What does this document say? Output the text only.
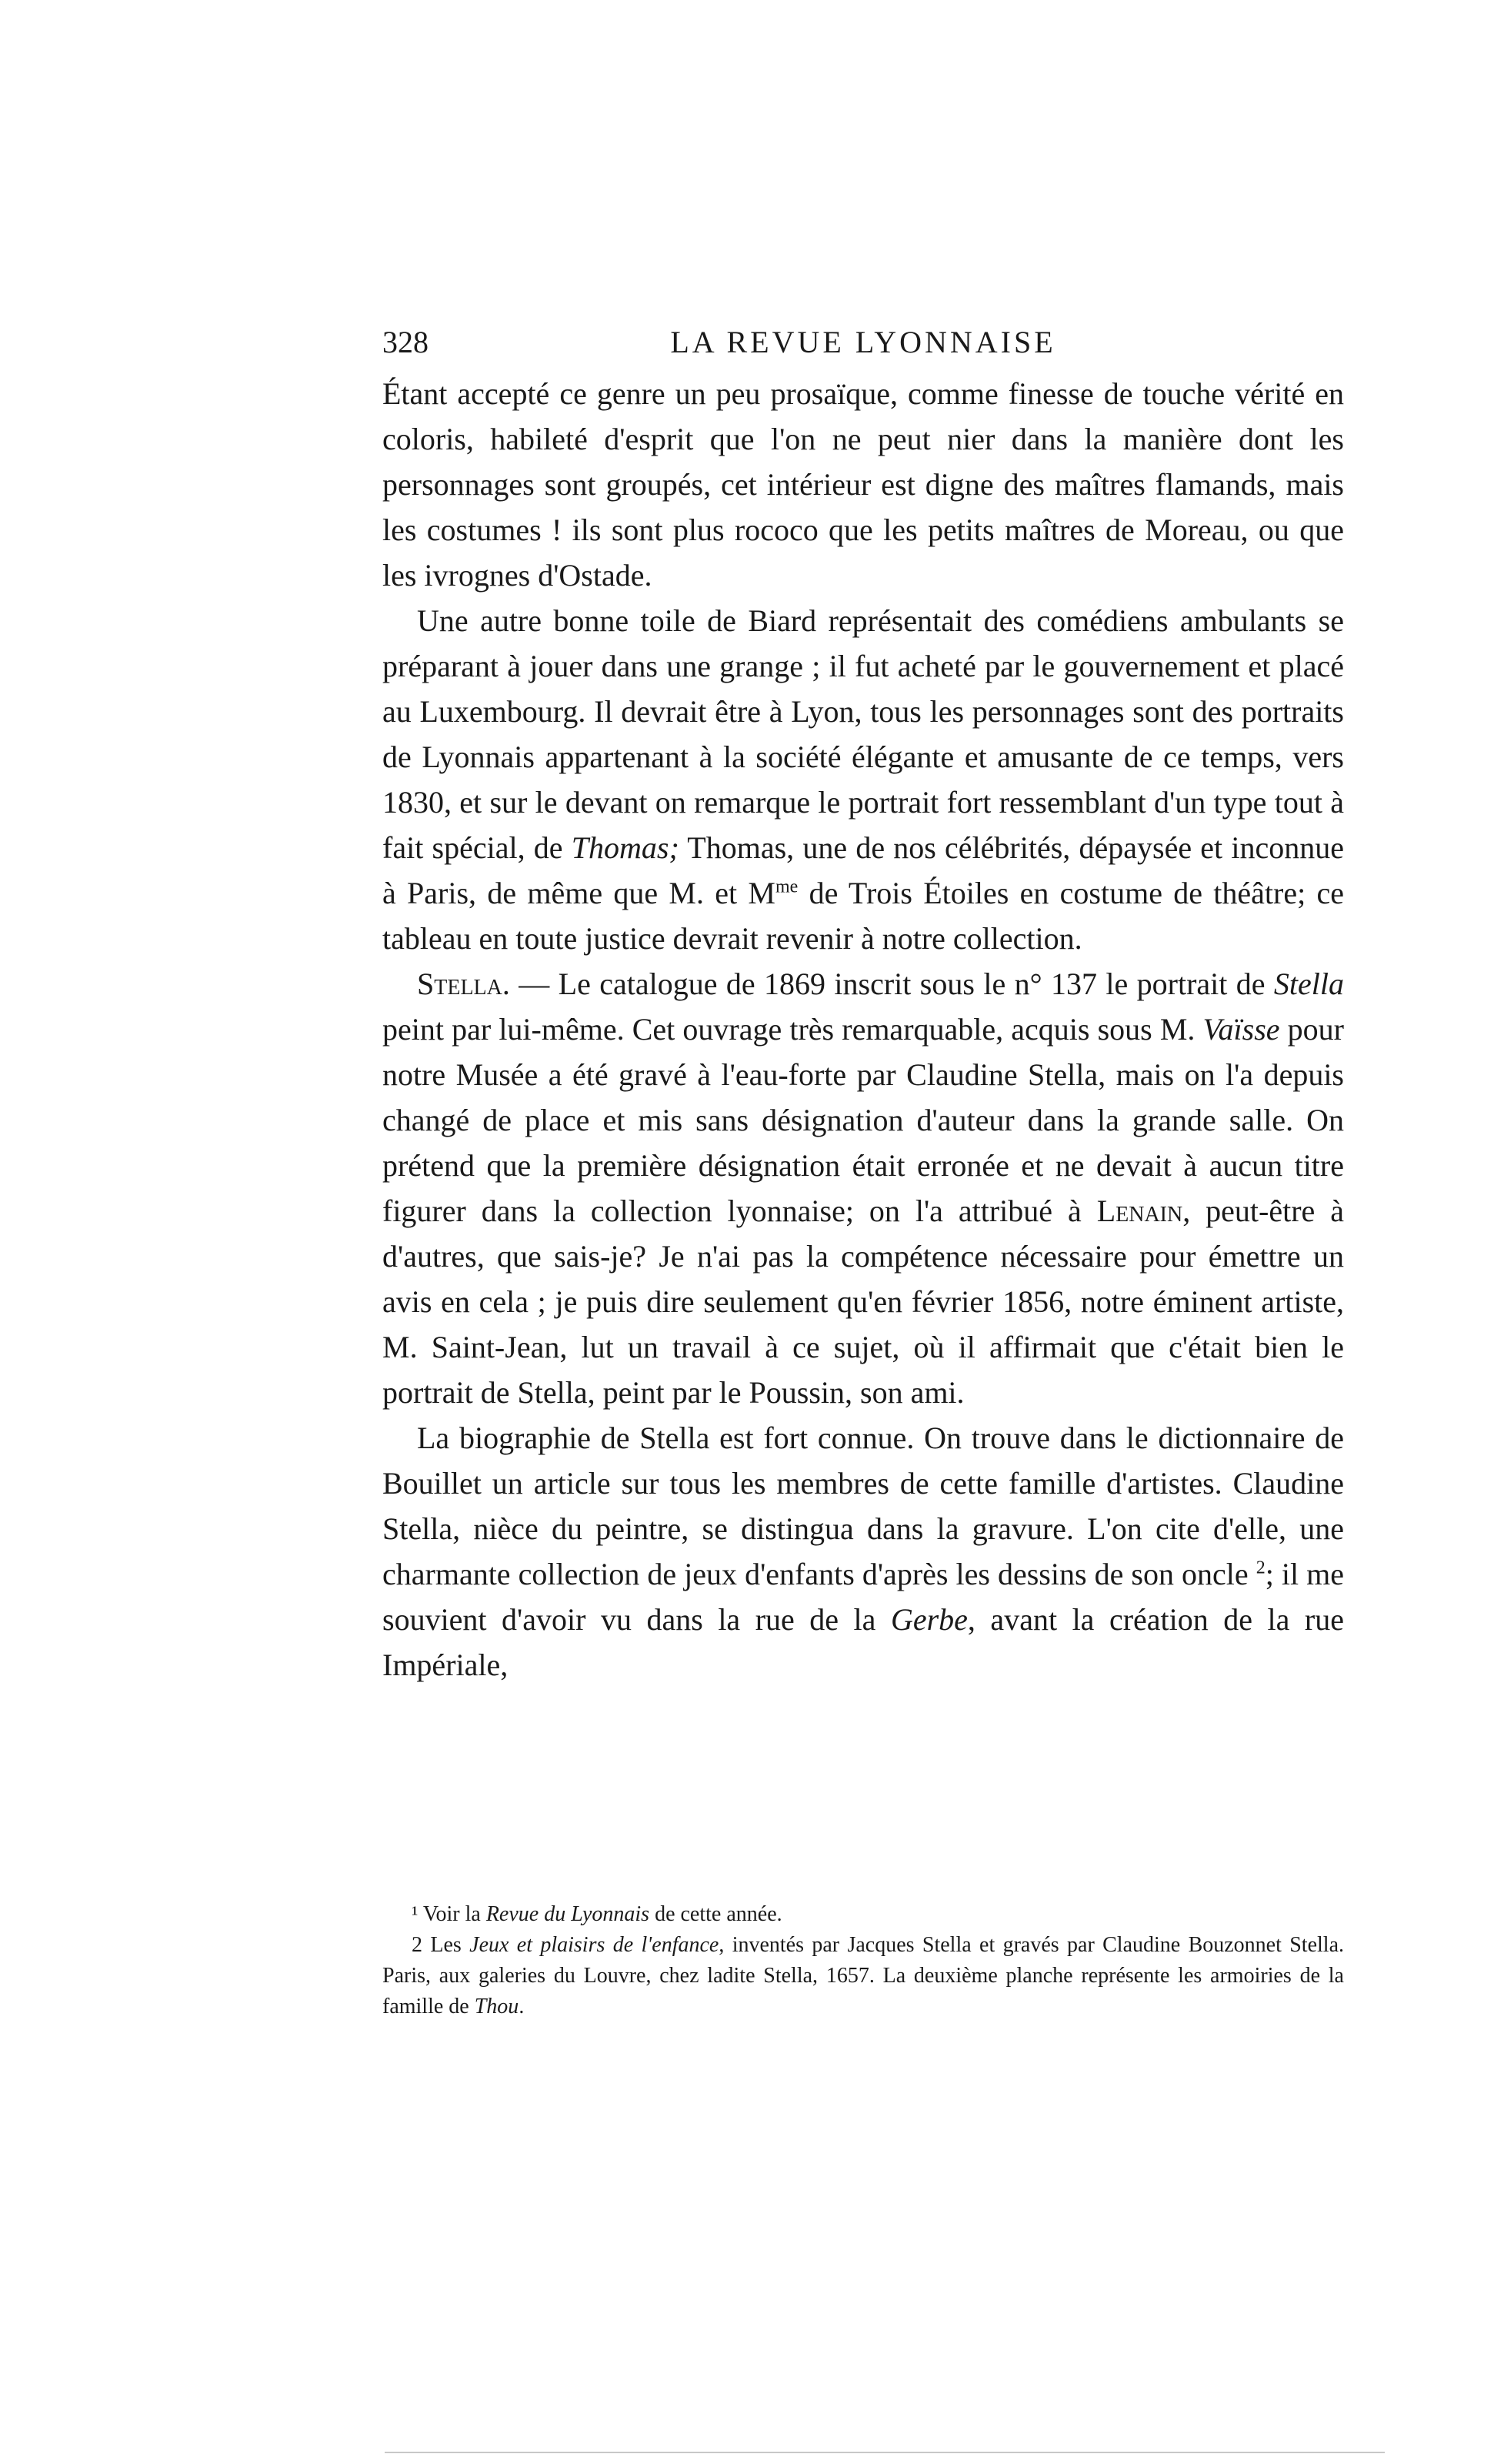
328	LA REVUE LYONNAISE

Étant accepté ce genre un peu prosaïque, comme finesse de touche vérité en coloris, habileté d'esprit que l'on ne peut nier dans la manière dont les personnages sont groupés, cet intérieur est digne des maîtres flamands, mais les costumes ! ils sont plus rococo que les petits maîtres de Moreau, ou que les ivrognes d'Ostade.

Une autre bonne toile de Biard représentait des comédiens ambulants se préparant à jouer dans une grange ; il fut acheté par le gouvernement et placé au Luxembourg. Il devrait être à Lyon, tous les personnages sont des portraits de Lyonnais appartenant à la société élégante et amusante de ce temps, vers 1830, et sur le devant on remarque le portrait fort ressemblant d'un type tout à fait spécial, de Thomas; Thomas, une de nos célébrités, dépaysée et inconnue à Paris, de même que M. et $M^{me}$ de Trois Étoiles en costume de théâtre; ce tableau en toute justice devrait revenir à notre collection.

Stella. — Le catalogue de 1869 inscrit sous le n° 137 le portrait de Stella peint par lui-même. Cet ouvrage très remarquable, acquis sous M. Vaïsse pour notre Musée a été gravé à l'eau-forte par Claudine Stella, mais on l'a depuis changé de place et mis sans désignation d'auteur dans la grande salle. On prétend que la première désignation était erronée et ne devait à aucun titre figurer dans la collection lyonnaise; on l'a attribué à Lenain, peut-être à d'autres, que sais-je? Je n'ai pas la compétence nécessaire pour émettre un avis en cela ; je puis dire seulement qu'en février 1856, notre éminent artiste, M. Saint-Jean, lut un travail à ce sujet, où il affirmait que c'était bien le portrait de Stella, peint par le Poussin, son ami.

La biographie de Stella est fort connue. On trouve dans le dictionnaire de Bouillet un article sur tous les membres de cette famille d'artistes. Claudine Stella, nièce du peintre, se distingua dans la gravure. L'on cite d'elle, une charmante collection de jeux d'enfants d'après les dessins de son oncle $^2$; il me souvient d'avoir vu dans la rue de la Gerbe, avant la création de la rue Impériale,

¹ Voir la Revue du Lyonnais de cette année.

2 Les Jeux et plaisirs de l'enfance, inventés par Jacques Stella et gravés par Claudine Bouzonnet Stella. Paris, aux galeries du Louvre, chez ladite Stella, 1657. La deuxième planche représente les armoiries de la famille de Thou.
